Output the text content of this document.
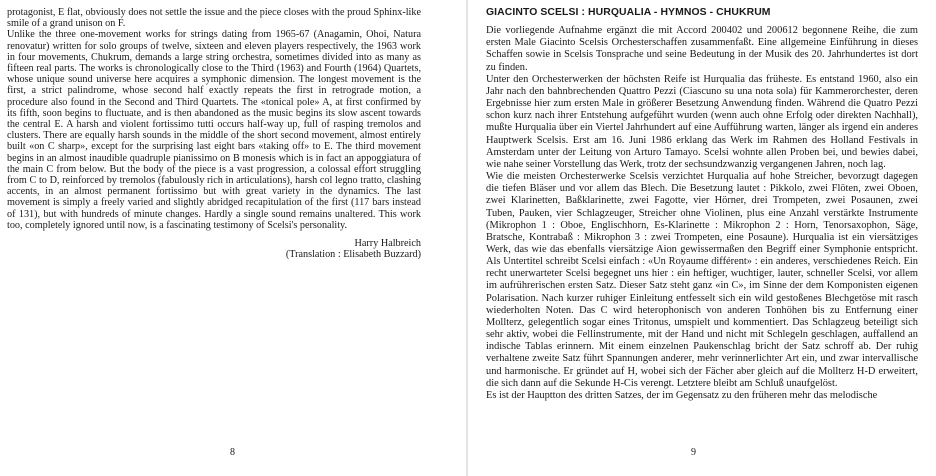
protagonist, E flat, obviously does not settle the issue and the piece closes with the proud Sphinx-like smile of a grand unison on F.

Unlike the three one-movement works for strings dating from 1965-67 (Anagamin, Ohoi, Natura renovatur) written for solo groups of twelve, sixteen and eleven players respectively, the 1963 work in four movements, Chukrum, demands a large string orchestra, sometimes divided into as many as fifteen real parts. The works is chronologically close to the Third (1963) and Fourth (1964) Quartets, whose unique sound universe here acquires a symphonic dimension. The longest movement is the first, a strict palindrome, whose second half exactly repeats the first in retrograde motion, a procedure also found in the Second and Third Quartets. The «tonical pole» A, at first confirmed by its fifth, soon begins to fluctuate, and is then abandoned as the music begins its slow ascent towards the central E. A harsh and violent fortissimo tutti occurs half-way up, full of rasping tremolos and clusters. There are equally harsh sounds in the middle of the short second movement, almost entirely built «on C sharp», except for the surprising last eight bars «taking off» to E. The third movement begins in an almost inaudible quadruple pianissimo on B monesis which is in fact an appoggiatura of the main C from below. But the body of the piece is a vast progression, a colossal effort struggling from C to D, reinforced by tremolos (fabulously rich in articulations), harsh col legno tratto, clashing accents, in an almost permanent fortissimo but with great variety in the dynamics. The last movement is simply a freely varied and slightly abridged recapitulation of the first (117 bars instead of 131), but with hundreds of minute changes. Hardly a single sound remains unaltered. This work too, completely ignored until now, is a fascinating testimony of Scelsi's personality.

Harry Halbreich

(Translation : Elisabeth Buzzard)

8

GIACINTO SCELSI : HURQUALIA - HYMNOS - CHUKRUM

Die vorliegende Aufnahme ergänzt die mit Accord 200402 und 200612 begonnene Reihe, die zum ersten Male Giacinto Scelsis Orchesterschaffen zusammenfaßt. Eine allgemeine Einführung in dieses Schaffen sowie in Scelsis Tonsprache und seine Bedeutung in der Musik des 20. Jahrhundertes ist dort zu finden.

Unter den Orchesterwerken der höchsten Reife ist Hurqualia das früheste. Es entstand 1960, also ein Jahr nach den bahnbrechenden Quattro Pezzi (Ciascuno su una nota sola) für Kammerorchester, deren Ergebnisse hier zum ersten Male in größerer Besetzung Anwendung finden. Während die Quatro Pezzi schon kurz nach ihrer Entstehung aufgeführt wurden (wenn auch ohne Erfolg oder direkten Nachhall), mußte Hurqualia über ein Viertel Jahrhundert auf eine Aufführung warten, länger als irgend ein anderes Hauptwerk Scelsis. Erst am 16. Juni 1986 erklang das Werk im Rahmen des Holland Festivals in Amsterdam unter der Leitung von Arturo Tamayo. Scelsi wohnte allen Proben bei, und bewies dabei, wie nahe seiner Vorstellung das Werk, trotz der sechsundzwanzig vergangenen Jahren, noch lag.

Wie die meisten Orchesterwerke Scelsis verzichtet Hurqualia auf hohe Streicher, bevorzugt dagegen die tiefen Bläser und vor allem das Blech. Die Besetzung lautet : Pikkolo, zwei Flöten, zwei Oboen, zwei Klarinetten, Baßklarinette, zwei Fagotte, vier Hörner, drei Trompeten, zwei Posaunen, zwei Tuben, Pauken, vier Schlagzeuger, Streicher ohne Violinen, plus eine Anzahl verstärkte Instrumente (Mikrophon 1 : Oboe, Englischhorn, Es-Klarinette : Mikrophon 2 : Horn, Tenorsaxophon, Säge, Bratsche, Kontrabaß : Mikrophon 3 : zwei Trompeten, eine Posaune). Hurqualia ist ein viersätziges Werk, das wie das ebenfalls viersätzige Aion gewissermaßen den Begriff einer Symphonie entspricht. Als Untertitel schreibt Scelsi einfach : «Un Royaume différent» : ein anderes, verschiedenes Reich. Ein recht unerwarteter Scelsi begegnet uns hier : ein heftiger, wuchtiger, lauter, schneller Scelsi, vor allem im aufrührerischen ersten Satz. Dieser Satz steht ganz «in C», im Sinne der dem Komponisten eigenen Polarisation. Nach kurzer ruhiger Einleitung entfesselt sich ein wild gestoßenes Blechgetöse mit rasch wiederholten Noten. Das C wird heterophonisch von anderen Tonhöhen bis zu Entfernung einer Mollterz, gelegentlich sogar eines Tritonus, umspielt und kommentiert. Das Schlagzeug beteiligt sich sehr aktiv, wobei die Fellinstrumente, mit der Hand und nicht mit Schlegeln geschlagen, auffallend an indische Tablas erinnern. Mit einem einzelnen Paukenschlag bricht der Satz schroff ab. Der ruhig verhaltene zweite Satz führt Spannungen anderer, mehr verinnerlichter Art ein, und zwar intervallische und harmonische. Er gründet auf H, wobei sich der Fächer aber gleich auf die Mollterz H-D erweitert, die sich dann auf die Sekunde H-Cis verengt. Letztere bleibt am Schluß unaufgelöst.

Es ist der Hauptton des dritten Satzes, der im Gegensatz zu den früheren mehr das melodische

9
